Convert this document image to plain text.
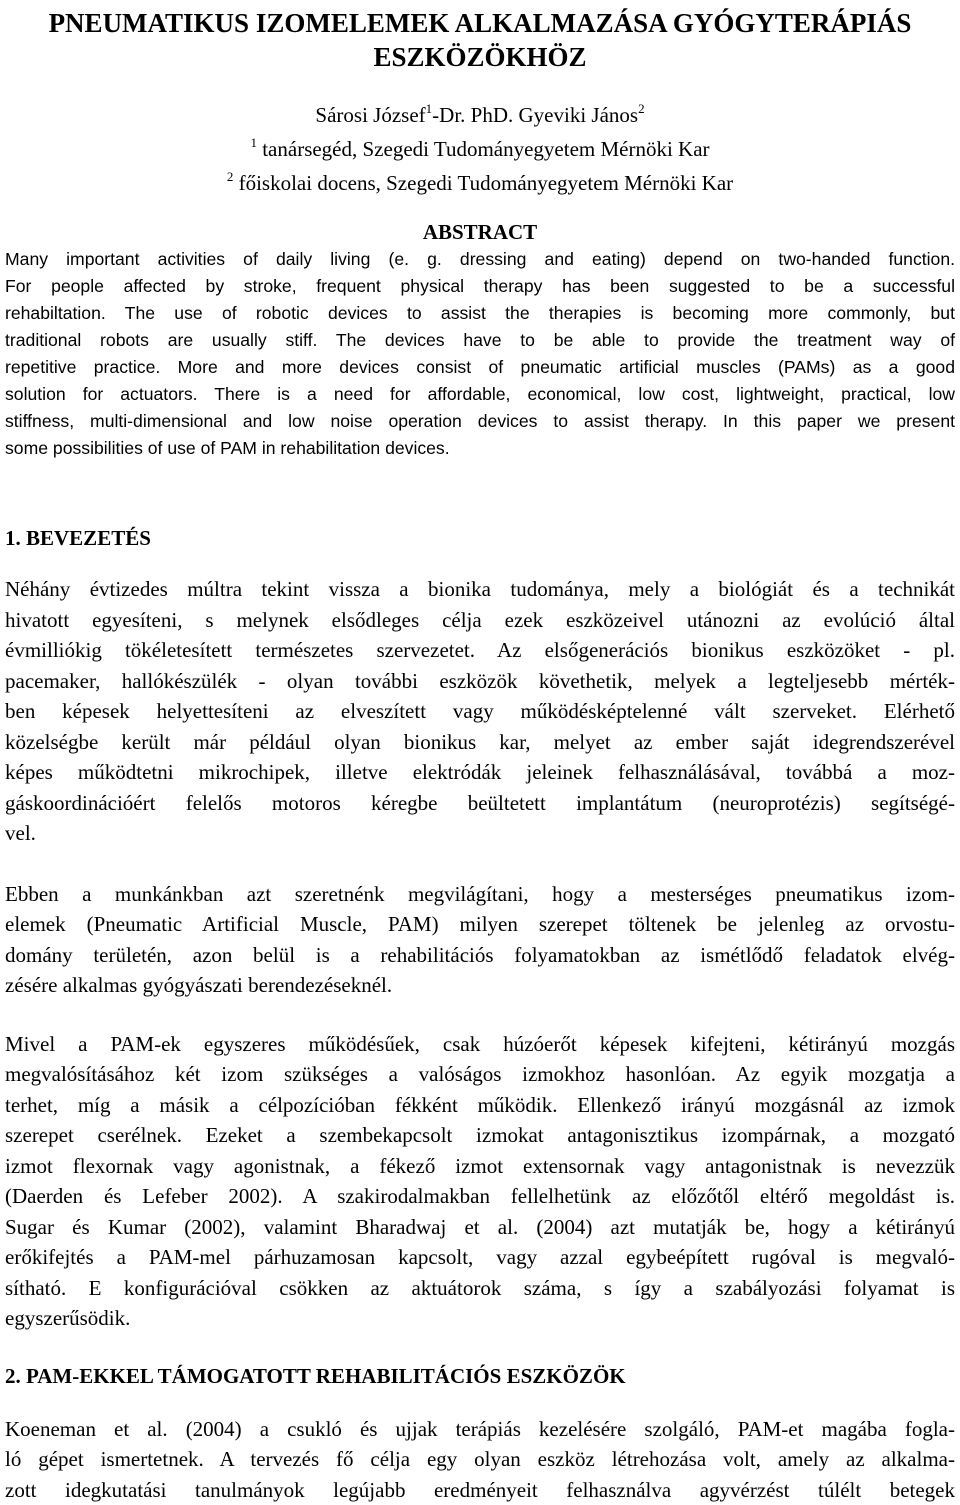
PNEUMATIKUS IZOMELEMEK ALKALMAZÁSA GYÓGYTERÁPIÁS
ESZKÖZÖKHÖZ
Sárosi József$^1$-Dr. PhD. Gyeviki János$^2$
$^1$ tanársegéd, Szegedi Tudományegyetem Mérnöki Kar
$^2$ főiskolai docens, Szegedi Tudományegyetem Mérnöki Kar
ABSTRACT
Many important activities of daily living (e. g. dressing and eating) depend on two-handed function.
For people affected by stroke, frequent physical therapy has been suggested to be a successful
rehabiltation. The use of robotic devices to assist the therapies is becoming more commonly, but
traditional robots are usually stiff. The devices have to be able to provide the treatment way of
repetitive practice. More and more devices consist of pneumatic artificial muscles (PAMs) as a good
solution for actuators. There is a need for affordable, economical, low cost, lightweight, practical, low
stiffness, multi-dimensional and low noise operation devices to assist therapy. In this paper we present
some possibilities of use of PAM in rehabilitation devices.
1. BEVEZETÉS
Néhány évtizedes múltra tekint vissza a bionika tudománya, mely a biológiát és a technikát
hivatott egyesíteni, s melynek elsődleges célja ezek eszközeivel utánozni az evolúció által
évmilliókig tökéletesített természetes szervezetet. Az elsőgenerációs bionikus eszközöket - pl.
pacemaker, hallókészülék - olyan további eszközök követhetik, melyek a legteljesebb mérték-
ben képesek helyettesíteni az elveszített vagy működésképtelenné vált szerveket. Elérhető
közelségbe került már például olyan bionikus kar, melyet az ember saját idegrendszerével
képes működtetni mikrochipek, illetve elektródák jeleinek felhasználásával, továbbá a moz-
gáskoordinációért felelős motoros kéregbe beültetett implantátum (neuroprotézis) segítségé-
vel.
Ebben a munkánkban azt szeretnénk megvilágítani, hogy a mesterséges pneumatikus izom-
elemek (Pneumatic Artificial Muscle, PAM) milyen szerepet töltenek be jelenleg az orvostu-
domány területén, azon belül is a rehabilitációs folyamatokban az ismétlődő feladatok elvég-
zésére alkalmas gyógyászati berendezéseknél.
Mivel a PAM-ek egyszeres működésűek, csak húzóerőt képesek kifejteni, kétirányú mozgás
megvalósításához két izom szükséges a valóságos izmokhoz hasonlóan. Az egyik mozgatja a
terhet, míg a másik a célpozícióban fékként működik. Ellenkező irányú mozgásnál az izmok
szerepet cserélnek. Ezeket a szembekapcsolt izmokat antagonisztikus izompárnak, a mozgató
izmot flexornak vagy agonistnak, a fékező izmot extensornak vagy antagonistnak is nevezzük
(Daerden és Lefeber 2002). A szakirodalmakban fellelhetünk az előzőtől eltérő megoldást is.
Sugar és Kumar (2002), valamint Bharadwaj et al. (2004) azt mutatják be, hogy a kétirányú
erőkifejtés a PAM-mel párhuzamosan kapcsolt, vagy azzal egybeépített rugóval is megvaló-
sítható. E konfigurációval csökken az aktuátorok száma, s így a szabályozási folyamat is
egyszerűsödik.
2. PAM-EKKEL TÁMOGATOTT REHABILITÁCIÓS ESZKÖZÖK
Koeneman et al. (2004) a csukló és ujjak terápiás kezelésére szolgáló, PAM-et magába fogla-
ló gépet ismertetnek. A tervezés fő célja egy olyan eszköz létrehozása volt, amely az alkalma-
zott idegkutatási tanulmányok legújabb eredményeit felhasználva agyvérzést túlélt betegek
